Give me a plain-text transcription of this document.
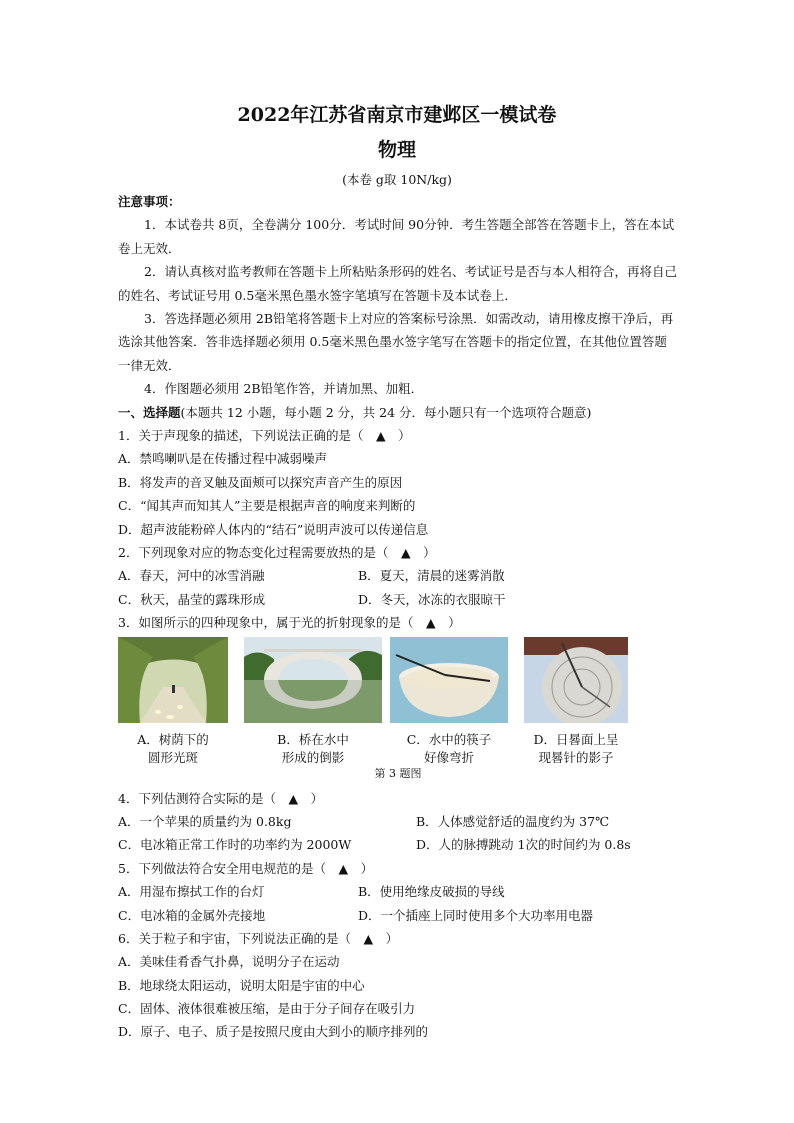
2022年江苏省南京市建邺区一模试卷
物理
(本卷 g取 10N/kg)
注意事项：
1．本试卷共 8页，全卷满分 100分．考试时间 90分钟．考生答题全部答在答题卡上，答在本试卷上无效．
2．请认真核对监考教师在答题卡上所粘贴条形码的姓名、考试证号是否与本人相符合，再将自己的姓名、考试证号用 0.5毫米黑色墨水签字笔填写在答题卡及本试卷上．
3．答选择题必须用 2B铅笔将答题卡上对应的答案标号涂黑．如需改动，请用橡皮擦干净后，再选涂其他答案．答非选择题必须用 0.5毫米黑色墨水签字笔写在答题卡的指定位置，在其他位置答题一律无效．
4．作图题必须用 2B铅笔作答，并请加黑、加粗．
一、选择题(本题共 12 小题，每小题 2 分，共 24 分．每小题只有一个选项符合题意)
1．关于声现象的描述，下列说法正确的是（　▲　）
A．禁鸣喇叭是在传播过程中减弱噪声
B．将发声的音叉触及面颊可以探究声音产生的原因
C．“闻其声而知其人”主要是根据声音的响度来判断的
D．超声波能粉碎人体内的“结石”说明声波可以传递信息
2．下列现象对应的物态变化过程需要放热的是（　▲　）
A．春天，河中的冰雪消融	B．夏天，清晨的迷雾消散
C．秋天，晶莹的露珠形成	D．冬天，冰冻的衣服晾干
3．如图所示的四种现象中，属于光的折射现象的是（　▲　）
A．树荫下的
圆形光斑
B．桥在水中
形成的倒影
C．水中的筷子
好像弯折
D．日晷面上呈
现晷针的影子
第 3 题图
4．下列估测符合实际的是（　▲　）
A．一个苹果的质量约为 0.8kg	B．人体感觉舒适的温度约为 37℃
C．电冰箱正常工作时的功率约为 2000W	D．人的脉搏跳动 1次的时间约为 0.8s
5．下列做法符合安全用电规范的是（　▲　）
A．用湿布擦拭工作的台灯	B．使用绝缘皮破损的导线
C．电冰箱的金属外壳接地	D．一个插座上同时使用多个大功率用电器
6．关于粒子和宇宙，下列说法正确的是（　▲　）
A．美味佳肴香气扑鼻，说明分子在运动
B．地球绕太阳运动，说明太阳是宇宙的中心
C．固体、液体很难被压缩，是由于分子间存在吸引力
D．原子、电子、质子是按照尺度由大到小的顺序排列的
